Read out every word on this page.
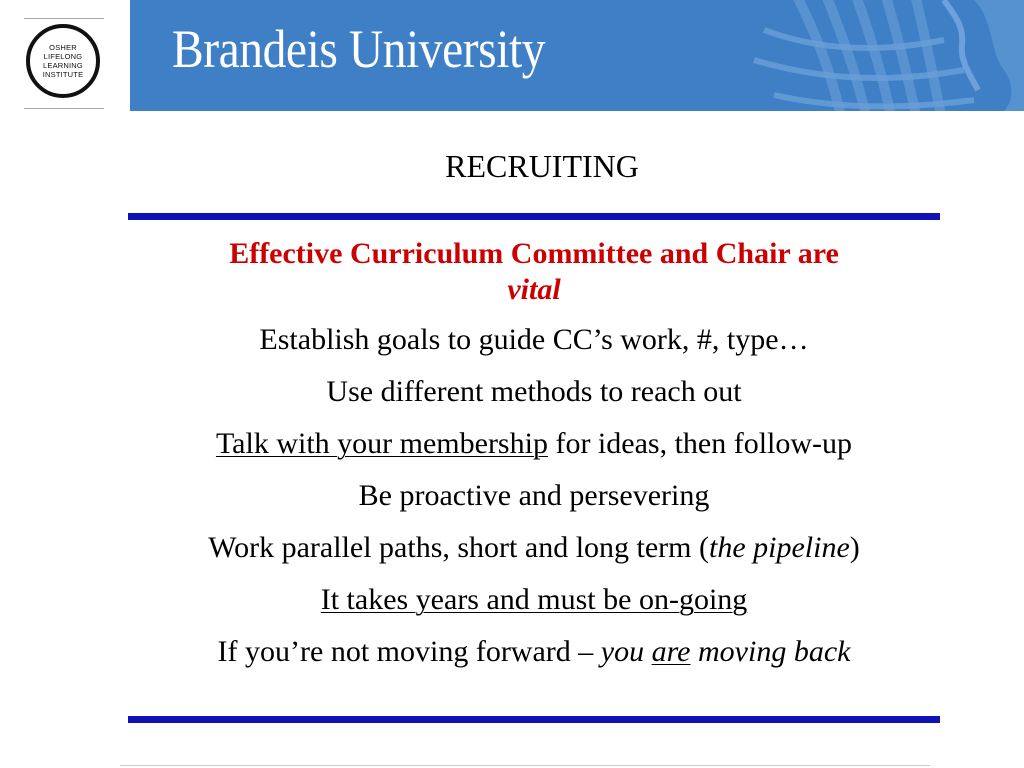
OSHER
LIFELONG
LEARNING
INSTITUTE Brandeis University
RECRUITING
Effective Curriculum Committee and Chair are
vital
Establish goals to guide CC’s work, #, type…
Use different methods to reach out
Talk with your membership for ideas, then follow-up
Be proactive and persevering
Work parallel paths, short and long term (the pipeline)
It takes years and must be on-going
If you’re not moving forward – you are moving back
